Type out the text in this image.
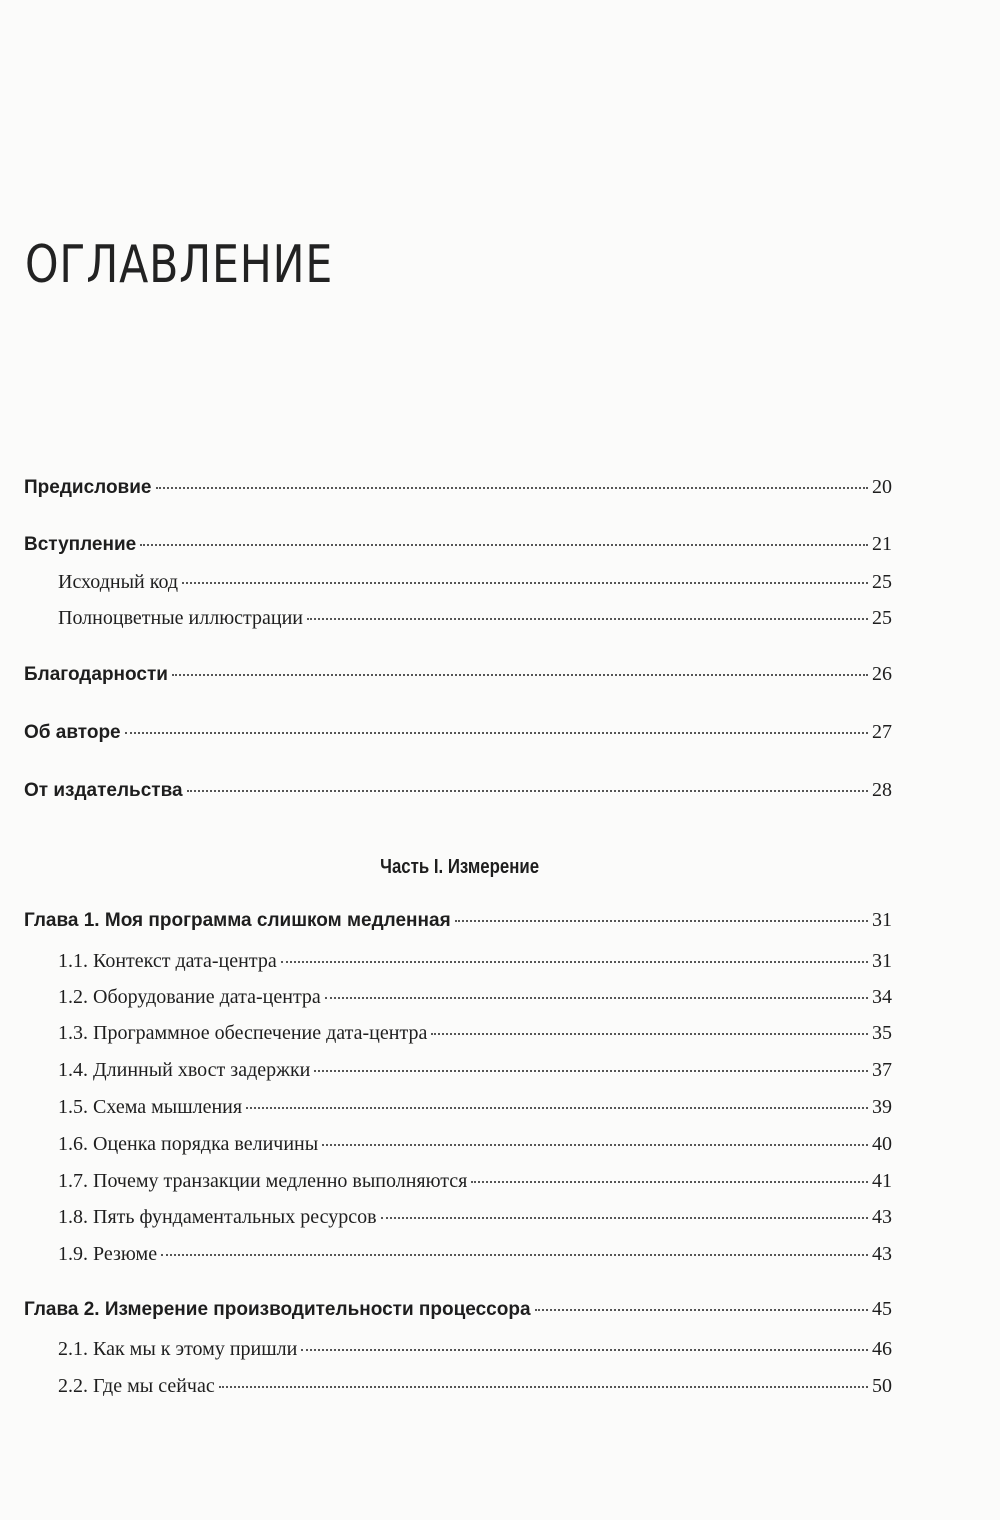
ОГЛАВЛЕНИЕ
Предисловие	20
Вступление	21
Исходный код	25
Полноцветные иллюстрации	25
Благодарности	26
Об авторе	27
От издательства	28
Часть I. Измерение
Глава 1. Моя программа слишком медленная	31
1.1. Контекст дата-центра	31
1.2. Оборудование дата-центра	34
1.3. Программное обеспечение дата-центра	35
1.4. Длинный хвост задержки	37
1.5. Схема мышления	39
1.6. Оценка порядка величины	40
1.7. Почему транзакции медленно выполняются	41
1.8. Пять фундаментальных ресурсов	43
1.9. Резюме	43
Глава 2. Измерение производительности процессора	45
2.1. Как мы к этому пришли	46
2.2. Где мы сейчас	50
